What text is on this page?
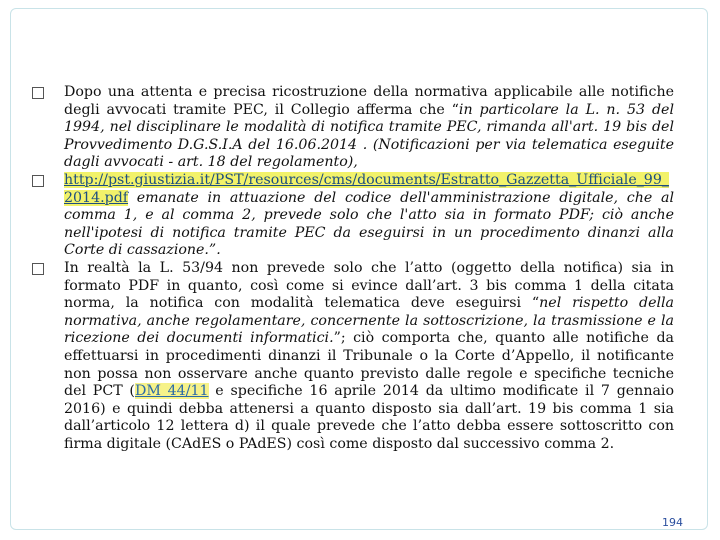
Dopo una attenta e precisa ricostruzione della normativa applicabile alle notifiche degli avvocati tramite PEC, il Collegio afferma che “in particolare la L. n. 53 del 1994, nel disciplinare le modalità di notifica tramite PEC, rimanda all'art. 19 bis del Provvedimento D.G.S.I.A del 16.06.2014 . (Notificazioni per via telematica eseguite dagli avvocati - art. 18 del regolamento),

http://pst.giustizia.it/PST/resources/cms/documents/Estratto_Gazzetta_Ufficiale_99_2014.pdf emanate in attuazione del codice dell'amministrazione digitale, che al comma 1, e al comma 2, prevede solo che l'atto sia in formato PDF; ciò anche nell'ipotesi di notifica tramite PEC da eseguirsi in un procedimento dinanzi alla Corte di cassazione.”.

In realtà la L. 53/94 non prevede solo che l’atto (oggetto della notifica) sia in formato PDF in quanto, così come si evince dall’art. 3 bis comma 1 della citata norma, la notifica con modalità telematica deve eseguirsi “nel rispetto della normativa, anche regolamentare, concernente la sottoscrizione, la trasmissione e la ricezione dei documenti informatici.”; ciò comporta che, quanto alle notifiche da effettuarsi in procedimenti dinanzi il Tribunale o la Corte d’Appello, il notificante non possa non osservare anche quanto previsto dalle regole e specifiche tecniche del PCT (DM 44/11 e specifiche 16 aprile 2014 da ultimo modificate il 7 gennaio 2016) e quindi debba attenersi a quanto disposto sia dall’art. 19 bis comma 1 sia dall’articolo 12 lettera d) il quale prevede che l’atto debba essere sottoscritto con firma digitale (CAdES o PAdES) così come disposto dal successivo comma 2.

194
